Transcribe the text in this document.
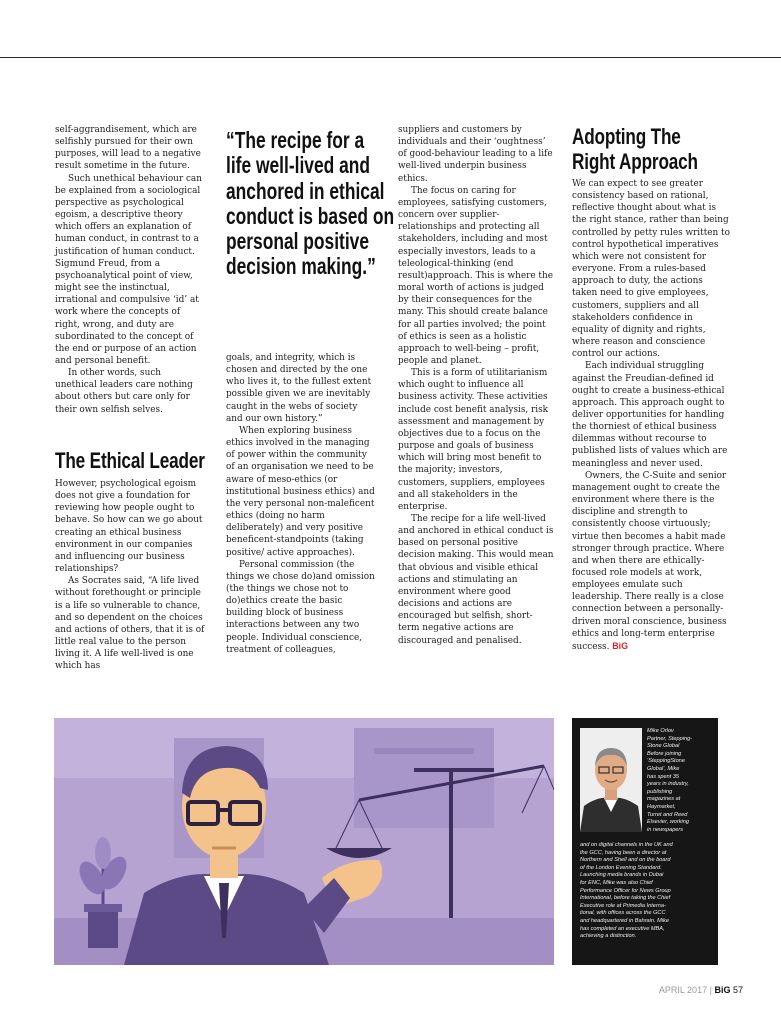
self-aggrandisement, which are selfishly pursued for their own purposes, will lead to a negative result sometime in the future.

Such unethical behaviour can be explained from a sociological perspective as psychological egoism, a descriptive theory which offers an explanation of human conduct, in contrast to a justification of human conduct. Sigmund Freud, from a psychoanalytical point of view, might see the instinctual, irrational and compulsive ‘id’ at work where the concepts of right, wrong, and duty are subordinated to the concept of the end or purpose of an action and personal benefit.

In other words, such unethical leaders care nothing about others but care only for their own selfish selves.

The Ethical Leader

However, psychological egoism does not give a foundation for reviewing how people ought to behave. So how can we go about creating an ethical business environment in our companies and influencing our business relationships?

As Socrates said, “A life lived without forethought or principle is a life so vulnerable to chance, and so dependent on the choices and actions of others, that it is of little real value to the person living it. A life well-lived is one which has

“The recipe for a
life well-lived and
anchored in ethical
conduct is based on
personal positive
decision making.”

goals, and integrity, which is chosen and directed by the one who lives it, to the fullest extent possible given we are inevitably caught in the webs of society and our own history.”

When exploring business ethics involved in the managing of power within the community of an organisation we need to be aware of meso-ethics (or institutional business ethics) and the very personal non-maleficent ethics (doing no harm deliberately) and very positive beneficent-standpoints (taking positive/ active approaches).

Personal commission (the things we chose do)and omission (the things we chose not to do)ethics create the basic building block of business interactions between any two people. Individual conscience, treatment of colleagues,

suppliers and customers by individuals and their ‘oughtness’ of good-behaviour leading to a life well-lived underpin business ethics.

The focus on caring for employees, satisfying customers, concern over supplier-relationships and protecting all stakeholders, including and most especially investors, leads to a teleological-thinking (end result)approach. This is where the moral worth of actions is judged by their consequences for the many. This should create balance for all parties involved; the point of ethics is seen as a holistic approach to well-being – profit, people and planet.

This is a form of utilitarianism which ought to influence all business activity. These activities include cost benefit analysis, risk assessment and management by objectives due to a focus on the purpose and goals of business which will bring most benefit to the majority; investors, customers, suppliers, employees and all stakeholders in the enterprise.

The recipe for a life well-lived and anchored in ethical conduct is based on personal positive decision making. This would mean that obvious and visible ethical actions and stimulating an environment where good decisions and actions are encouraged but selfish, short-term negative actions are discouraged and penalised.

Adopting The
Right Approach

We can expect to see greater consistency based on rational, reflective thought about what is the right stance, rather than being controlled by petty rules written to control hypothetical imperatives which were not consistent for everyone. From a rules-based approach to duty, the actions taken need to give employees, customers, suppliers and all stakeholders confidence in equality of dignity and rights, where reason and conscience control our actions.

Each individual struggling against the Freudian-defined id ought to create a business-ethical approach. This approach ought to deliver opportunities for handling the thorniest of ethical business dilemmas without recourse to published lists of values which are meaningless and never used.

Owners, the C-Suite and senior management ought to create the environment where there is the discipline and strength to consistently choose virtuously; virtue then becomes a habit made stronger through practice. Where and when there are ethically-focused role models at work, employees emulate such leadership. There really is a close connection between a personally-driven moral conscience, business ethics and long-term enterprise success. BiG

Mike Orlov
Partner, Stepping-
Stone Global
Before joining
‘SteppingStone
Global’, Mike
has spent 35
years in industry,
publishing
magazines at
Haymarket,
Turret and Reed
Elsevier, working
in newspapers
and on digital channels in the UK and
the GCC, having been a director at
Northern and Shell and on the board
of the London Evening Standard.
Launching media brands in Dubai
for ENC, Mike was also Chief
Performance Officer for News Group
International, before taking the Chief
Executive role at Primedia Interna-
tional, with offices across the GCC
and headquartered in Bahrain. Mike
has completed an executive MBA,
achieving a distinction.
APRIL 2017 | BiG 57
